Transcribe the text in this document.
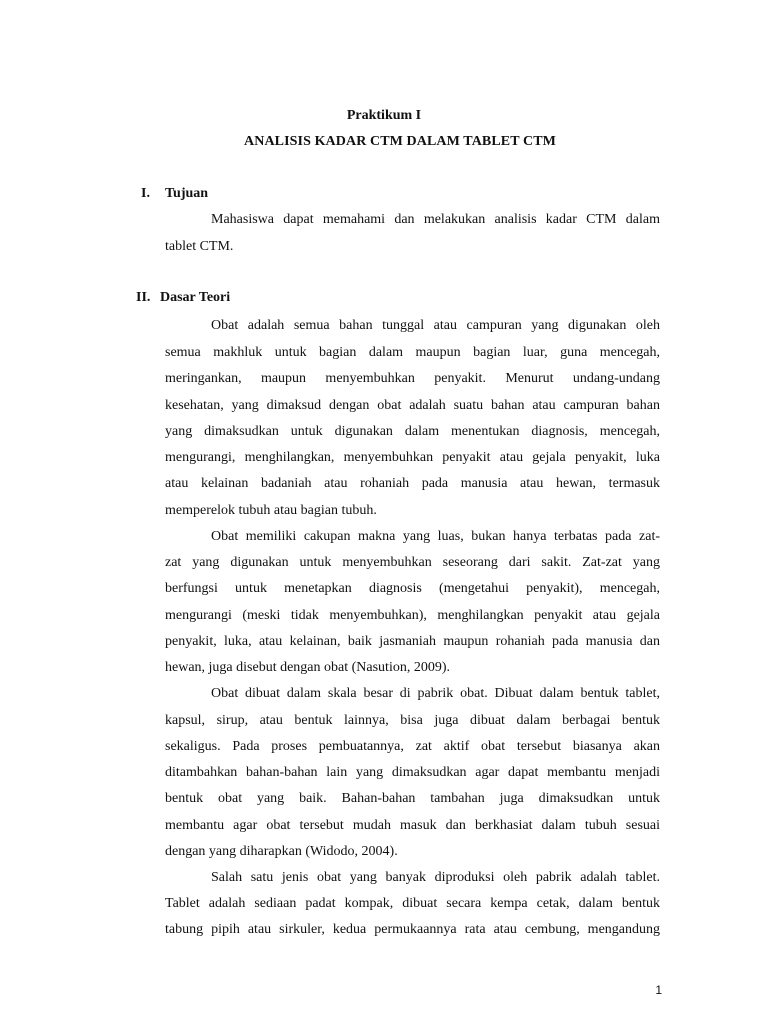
Praktikum I
ANALISIS KADAR CTM DALAM TABLET CTM
I. Tujuan
Mahasiswa dapat memahami dan melakukan analisis kadar CTM dalam
tablet CTM.
II. Dasar Teori
Obat adalah semua bahan tunggal atau campuran yang digunakan oleh
semua makhluk untuk bagian dalam maupun bagian luar, guna mencegah,
meringankan, maupun menyembuhkan penyakit. Menurut undang-undang
kesehatan, yang dimaksud dengan obat adalah suatu bahan atau campuran bahan
yang dimaksudkan untuk digunakan dalam menentukan diagnosis, mencegah,
mengurangi, menghilangkan, menyembuhkan penyakit atau gejala penyakit, luka
atau kelainan badaniah atau rohaniah pada manusia atau hewan, termasuk
memperelok tubuh atau bagian tubuh.
Obat memiliki cakupan makna yang luas, bukan hanya terbatas pada zat-
zat yang digunakan untuk menyembuhkan seseorang dari sakit. Zat-zat yang
berfungsi untuk menetapkan diagnosis (mengetahui penyakit), mencegah,
mengurangi (meski tidak menyembuhkan), menghilangkan penyakit atau gejala
penyakit, luka, atau kelainan, baik jasmaniah maupun rohaniah pada manusia dan
hewan, juga disebut dengan obat (Nasution, 2009).
Obat dibuat dalam skala besar di pabrik obat. Dibuat dalam bentuk tablet,
kapsul, sirup, atau bentuk lainnya, bisa juga dibuat dalam berbagai bentuk
sekaligus. Pada proses pembuatannya, zat aktif obat tersebut biasanya akan
ditambahkan bahan-bahan lain yang dimaksudkan agar dapat membantu menjadi
bentuk obat yang baik. Bahan-bahan tambahan juga dimaksudkan untuk
membantu agar obat tersebut mudah masuk dan berkhasiat dalam tubuh sesuai
dengan yang diharapkan (Widodo, 2004).
Salah satu jenis obat yang banyak diproduksi oleh pabrik adalah tablet.
Tablet adalah sediaan padat kompak, dibuat secara kempa cetak, dalam bentuk
tabung pipih atau sirkuler, kedua permukaannya rata atau cembung, mengandung
1
